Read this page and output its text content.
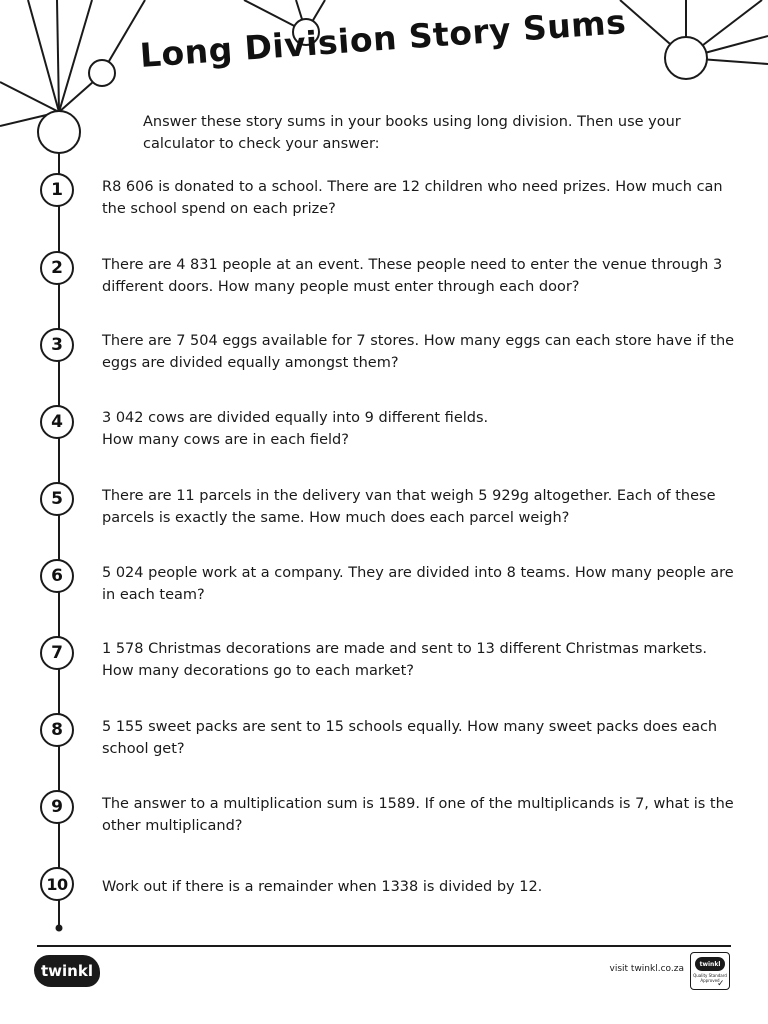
Long Division Story Sums
Answer these story sums in your books using long division. Then use your calculator to check your answer:
1	R8 606 is donated to a school. There are 12 children who need prizes. How much can the school spend on each prize?
2	There are 4 831 people at an event. These people need to enter the venue through 3 different doors. How many people must enter through each door?
3	There are 7 504 eggs available for 7 stores. How many eggs can each store have if the eggs are divided equally amongst them?
4	3 042 cows are divided equally into 9 different fields.
How many cows are in each field?
5	There are 11 parcels in the delivery van that weigh 5 929g altogether. Each of these parcels is exactly the same. How much does each parcel weigh?
6	5 024 people work at a company. They are divided into 8 teams. How many people are in each team?
7	1 578 Christmas decorations are made and sent to 13 different Christmas markets. How many decorations go to each market?
8	5 155 sweet packs are sent to 15 schools equally. How many sweet packs does each school get?
9	The answer to a multiplication sum is 1589. If one of the multiplicands is 7, what is the other multiplicand?
10	Work out if there is a remainder when 1338 is divided by 12.
twinkl	visit twinkl.co.za	twinkl
Quality Standard Approved
✓
